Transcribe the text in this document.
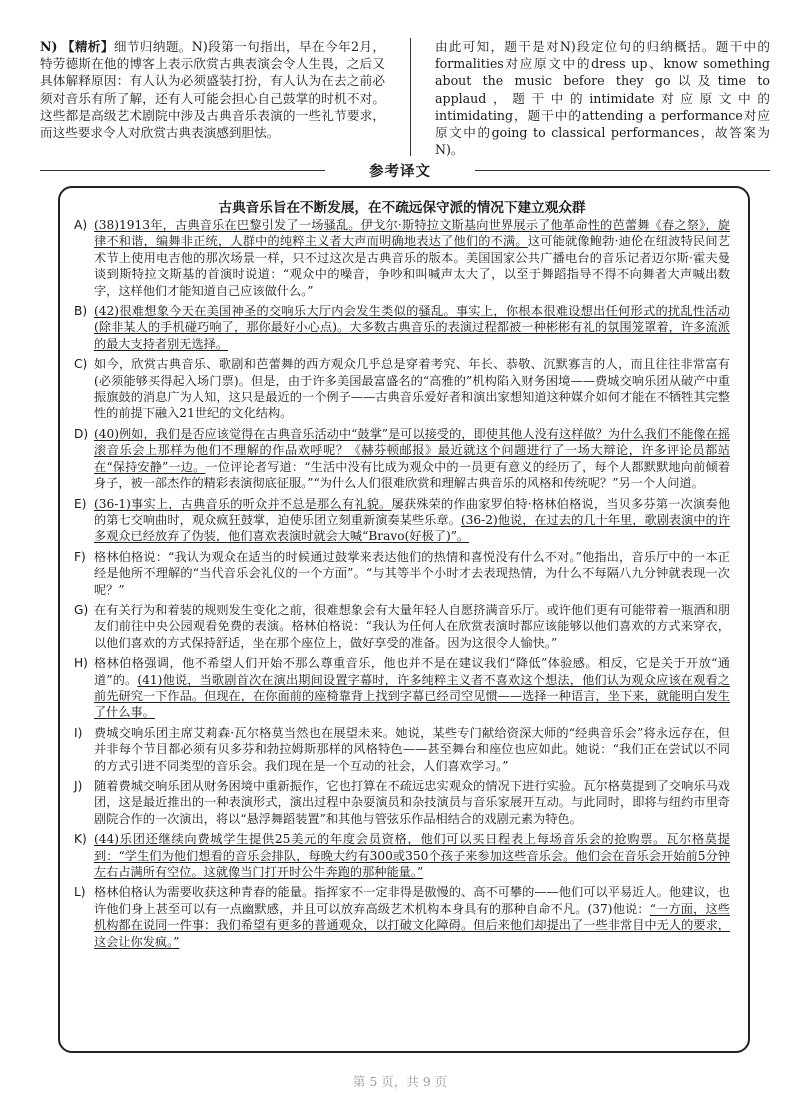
N) 【精析】细节归纳题。N)段第一句指出，早在今年2月，特劳德斯在他的博客上表示欣赏古典表演会令人生畏，之后又具体解释原因：有人认为必须盛装打扮，有人认为在去之前必须对音乐有所了解，还有人可能会担心自己鼓掌的时机不对。这些都是高级艺术剧院中涉及古典音乐表演的一些礼节要求，而这些要求令人对欣赏古典表演感到胆怯。
由此可知，题干是对N)段定位句的归纳概括。题干中的formalities对应原文中的dress up、know something about the music before they go以及time to applaud，题干中的intimidate对应原文中的intimidating，题干中的attending a performance对应原文中的going to classical performances，故答案为N)。
参考译文
古典音乐旨在不断发展，在不疏远保守派的情况下建立观众群
A) (38)1913年，古典音乐在巴黎引发了一场骚乱。伊戈尔·斯特拉文斯基向世界展示了他革命性的芭蕾舞《春之祭》，旋律不和谐，编舞非正统，人群中的纯粹主义者大声而明确地表达了他们的不满。这可能就像鲍勃·迪伦在纽波特民间艺术节上使用电吉他的那次场景一样，只不过这次是古典音乐的版本。美国国家公共广播电台的音乐记者迈尔斯·霍夫曼谈到斯特拉文斯基的首演时说道：“观众中的噪音，争吵和叫喊声太大了，以至于舞蹈指导不得不向舞者大声喊出数字，这样他们才能知道自己应该做什么。”
B) (42)很难想象今天在美国神圣的交响乐大厅内会发生类似的骚乱。事实上，你根本很难设想出任何形式的扰乱性活动(除非某人的手机碰巧响了，那你最好小心点)。大多数古典音乐的表演过程都被一种彬彬有礼的氛围笼罩着，许多流派的最大支持者别无选择。
C) 如今，欣赏古典音乐、歌剧和芭蕾舞的西方观众几乎总是穿着考究、年长、恭敬、沉默寡言的人，而且往往非常富有(必须能够买得起入场门票)。但是，由于许多美国最富盛名的“高雅的”机构陷入财务困境——费城交响乐团从破产中重振旗鼓的消息广为人知，这只是最近的一个例子——古典音乐爱好者和演出家想知道这种媒介如何才能在不牺牲其完整性的前提下融入21世纪的文化结构。
D) (40)例如，我们是否应该觉得在古典音乐活动中“鼓掌”是可以接受的，即使其他人没有这样做？为什么我们不能像在摇滚音乐会上那样为他们不理解的作品欢呼呢？《赫芬顿邮报》最近就这个问题进行了一场大辩论，许多评论员都站在“保持安静”一边。一位评论者写道：“生活中没有比成为观众中的一员更有意义的经历了，每个人都默默地向前倾着身子，被一部杰作的精彩表演彻底征服。”“为什么人们很难欣赏和理解古典音乐的风格和传统呢？”另一个人问道。
E) (36-1)事实上，古典音乐的听众并不总是那么有礼貌。屡获殊荣的作曲家罗伯特·格林伯格说，当贝多芬第一次演奏他的第七交响曲时，观众疯狂鼓掌，迫使乐团立刻重新演奏某些乐章。(36-2)他说，在过去的几十年里，歌剧表演中的许多观众已经放弃了伪装，他们喜欢表演时就会大喊“Bravo(好极了)”。
F) 格林伯格说：“我认为观众在适当的时候通过鼓掌来表达他们的热情和喜悦没有什么不对。”他指出，音乐厅中的一本正经是他所不理解的“当代音乐会礼仪的一个方面”。“与其等半个小时才去表现热情，为什么不每隔八九分钟就表现一次呢？”
G) 在有关行为和着装的规则发生变化之前，很难想象会有大量年轻人自愿挤满音乐厅。或许他们更有可能带着一瓶酒和朋友们前往中央公园观看免费的表演。格林伯格说：“我认为任何人在欣赏表演时都应该能够以他们喜欢的方式来穿衣，以他们喜欢的方式保持舒适，坐在那个座位上，做好享受的准备。因为这很令人愉快。”
H) 格林伯格强调，他不希望人们开始不那么尊重音乐，他也并不是在建议我们“降低”体验感。相反，它是关于开放“通道”的。(41)他说，当歌剧首次在演出期间设置字幕时，许多纯粹主义者不喜欢这个想法，他们认为观众应该在观看之前先研究一下作品。但现在，在你面前的座椅靠背上找到字幕已经司空见惯——选择一种语言，坐下来，就能明白发生了什么事。
I) 费城交响乐团主席艾莉森·瓦尔格莫当然也在展望未来。她说，某些专门献给资深大师的“经典音乐会”将永远存在，但并非每个节目都必须有贝多芬和勃拉姆斯那样的风格特色——甚至舞台和座位也应如此。她说：“我们正在尝试以不同的方式引进不同类型的音乐会。我们现在是一个互动的社会，人们喜欢学习。”
J) 随着费城交响乐团从财务困境中重新振作，它也打算在不疏远忠实观众的情况下进行实验。瓦尔格莫提到了交响乐马戏团，这是最近推出的一种表演形式，演出过程中杂耍演员和杂技演员与音乐家展开互动。与此同时，即将与纽约市里奇剧院合作的一次演出，将以“悬浮舞蹈装置”和其他与管弦乐作品相结合的戏剧元素为特色。
K) (44)乐团还继续向费城学生提供25美元的年度会员资格，他们可以买日程表上每场音乐会的抢购票。瓦尔格莫提到：“学生们为他们想看的音乐会排队，每晚大约有300或350个孩子来参加这些音乐会。他们会在音乐会开始前5分钟左右占满所有空位。这就像当门打开时公牛奔跑的那种能量。”
L) 格林伯格认为需要收获这种青春的能量。指挥家不一定非得是傲慢的、高不可攀的——他们可以平易近人。他建议，也许他们身上甚至可以有一点幽默感，并且可以放弃高级艺术机构本身具有的那种自命不凡。(37)他说：“一方面，这些机构都在说同一件事：我们希望有更多的普通观众，以打破文化障碍。但后来他们却提出了一些非常目中无人的要求，这会让你发疯。”
第 5 页，共 9 页
